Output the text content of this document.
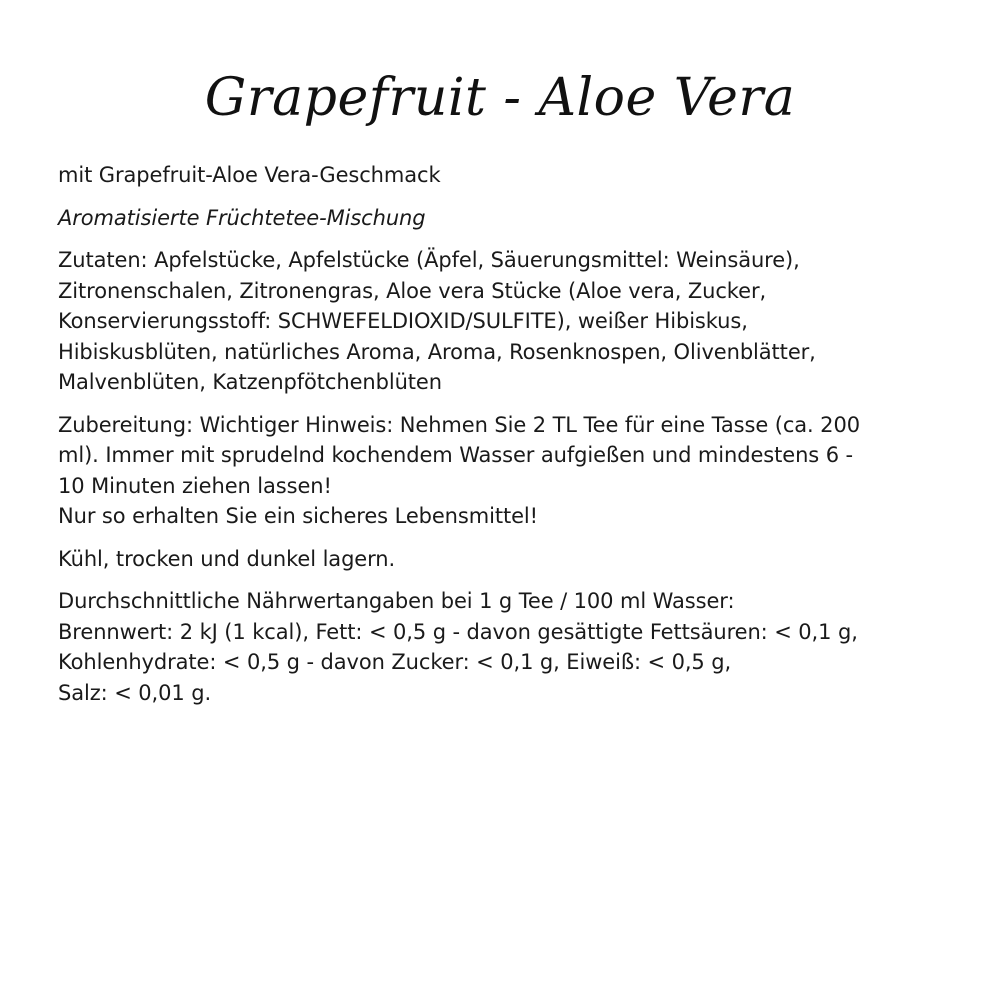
Grapefruit - Aloe Vera

mit Grapefruit-Aloe Vera-Geschmack

Aromatisierte Früchtetee-Mischung

Zutaten: Apfelstücke, Apfelstücke (Äpfel, Säuerungsmittel: Weinsäure),
Zitronenschalen, Zitronengras, Aloe vera Stücke (Aloe vera, Zucker,
Konservierungsstoff: SCHWEFELDIOXID/SULFITE), weißer Hibiskus,
Hibiskusblüten, natürliches Aroma, Aroma, Rosenknospen, Olivenblätter,
Malvenblüten, Katzenpfötchenblüten

Zubereitung: Wichtiger Hinweis: Nehmen Sie 2 TL Tee für eine Tasse (ca. 200
ml). Immer mit sprudelnd kochendem Wasser aufgießen und mindestens 6 -
10 Minuten ziehen lassen!
Nur so erhalten Sie ein sicheres Lebensmittel!

Kühl, trocken und dunkel lagern.

Durchschnittliche Nährwertangaben bei 1 g Tee / 100 ml Wasser:
Brennwert: 2 kJ (1 kcal), Fett: < 0,5 g - davon gesättigte Fettsäuren: < 0,1 g,
Kohlenhydrate: < 0,5 g - davon Zucker: < 0,1 g, Eiweiß: < 0,5 g,
Salz: < 0,01 g.
